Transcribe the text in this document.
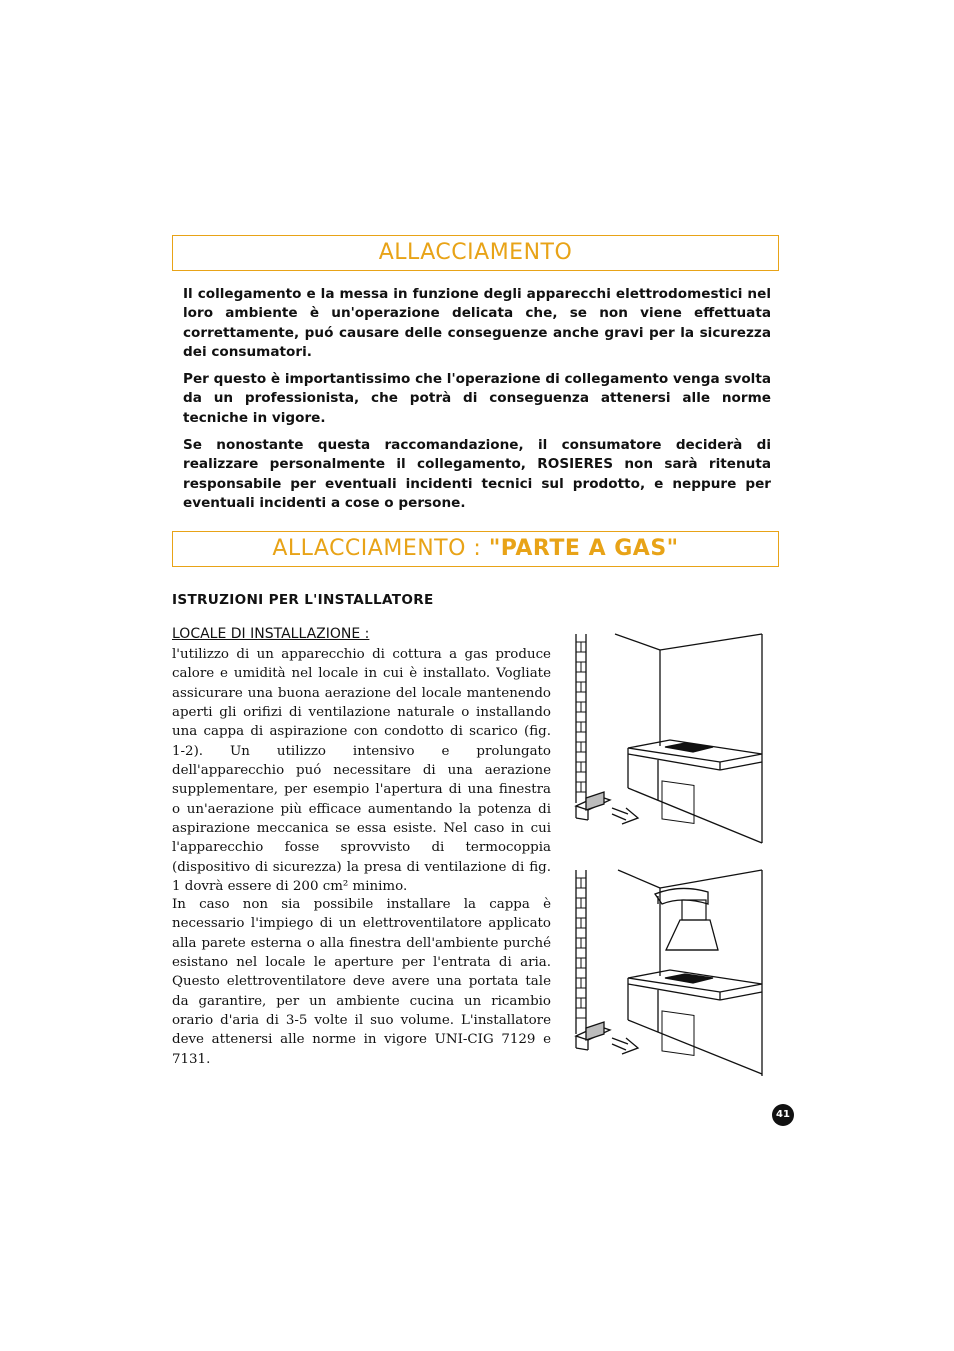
ALLACCIAMENTO

Il collegamento e la messa in funzione degli apparecchi elettrodomestici nel loro ambiente è un'operazione delicata che, se non viene effettuata correttamente, puó causare delle conseguenze anche gravi per la sicurezza dei consumatori.

Per questo è importantissimo che l'operazione di collegamento venga svolta da un professionista, che potrà di conseguenza attenersi alle norme tecniche in vigore.

Se nonostante questa raccomandazione, il consumatore deciderà di realizzare personalmente il collegamento, ROSIERES non sarà ritenuta responsabile per eventuali incidenti tecnici sul prodotto, e neppure per eventuali incidenti a cose o persone.

ALLACCIAMENTO : "PARTE A GAS"
ISTRUZIONI PER L'INSTALLATORE
LOCALE DI INSTALLAZIONE :

l'utilizzo di un apparecchio di cottura a gas produce calore e umidità nel locale in cui è installato. Vogliate assicurare una buona aerazione del locale mantenendo aperti gli orifizi di ventilazione naturale o installando una cappa di aspirazione con condotto di scarico (fig. 1-2). Un utilizzo intensivo e prolungato dell'apparecchio puó necessitare di una aerazione supplementare, per esempio l'apertura di una finestra o un'aerazione più efficace aumentando la potenza di aspirazione meccanica se essa esiste. Nel caso in cui l'apparecchio fosse sprovvisto di termocoppia (dispositivo di sicurezza) la presa di ventilazione di fig. 1 dovrà essere di 200 cm² minimo.

In caso non sia possibile installare la cappa è necessario l'impiego di un elettroventilatore applicato alla parete esterna o alla finestra dell'ambiente purché esistano nel locale le aperture per l'entrata di aria. Questo elettroventilatore deve avere una portata tale da garantire, per un ambiente cucina un ricambio orario d'aria di 3-5 volte il suo volume. L'installatore deve attenersi alle norme in vigore UNI-CIG 7129 e 7131.

41
